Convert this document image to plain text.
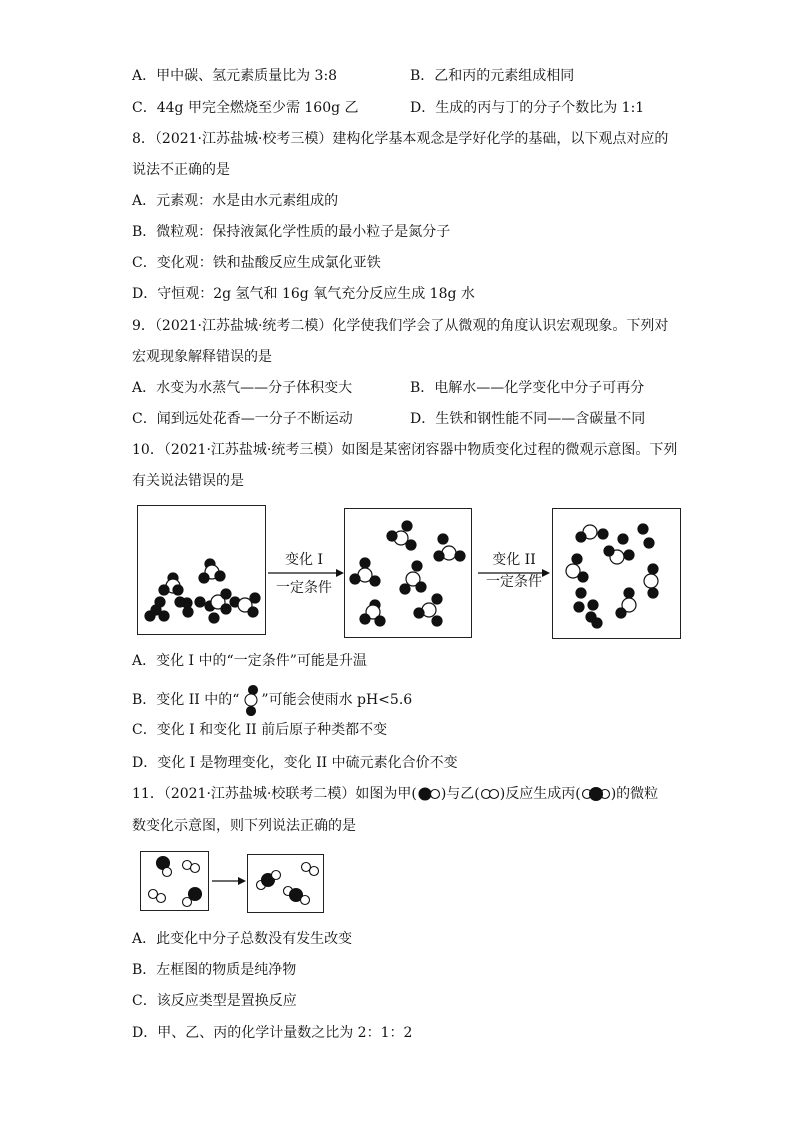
A．甲中碳、氢元素质量比为 3:8	B．乙和丙的元素组成相同
C．44g 甲完全燃烧至少需 160g 乙	D．生成的丙与丁的分子个数比为 1:1
8．（2021·江苏盐城·校考三模）建构化学基本观念是学好化学的基础，以下观点对应的
说法不正确的是
A．元素观：水是由水元素组成的
B．微粒观：保持液氮化学性质的最小粒子是氮分子
C．变化观：铁和盐酸反应生成氯化亚铁
D．守恒观：2g 氢气和 16g 氧气充分反应生成 18g 水
9．（2021·江苏盐城·统考二模）化学使我们学会了从微观的角度认识宏观现象。下列对
宏观现象解释错误的是
A．水变为水蒸气——分子体积变大	B．电解水——化学变化中分子可再分
C．闻到远处花香—一分子不断运动	D．生铁和钢性能不同——含碳量不同
10．（2021·江苏盐城·统考三模）如图是某密闭容器中物质变化过程的微观示意图。下列
有关说法错误的是
变化 I
一定条件
变化 II
一定条件
A．变化 I 中的“一定条件”可能是升温
B．变化 II 中的“ ”可能会使雨水 pH<5.6
C．变化 I 和变化 II 前后原子种类都不变
D．变化 I 是物理变化，变化 II 中硫元素化合价不变
11．（2021·江苏盐城·校联考二模）如图为甲( )与乙( )反应生成丙( )的微粒
数变化示意图，则下列说法正确的是
A．此变化中分子总数没有发生改变
B．左框图的物质是纯净物
C．该反应类型是置换反应
D．甲、乙、丙的化学计量数之比为 2：1：2
